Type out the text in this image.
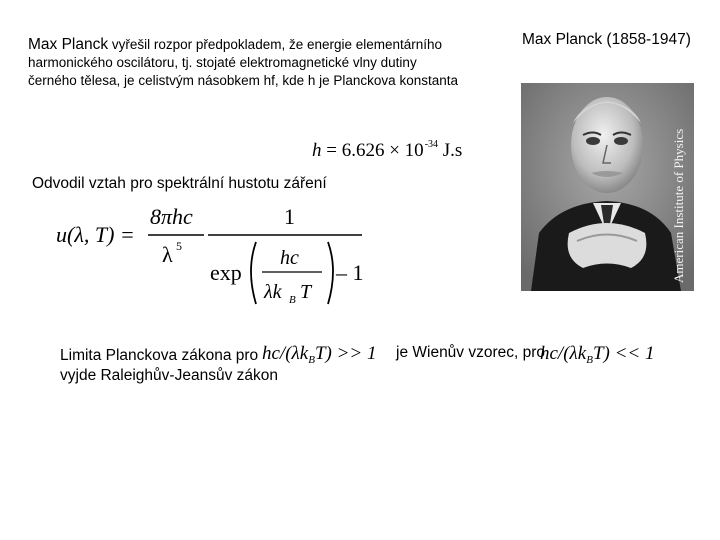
Max Planck vyřešil rozpor předpokladem, že energie elementárního harmonického oscilátoru, tj. stojaté elektromagnetické vlny dutiny černého tělesa, je celistvým násobkem hf, kde h je Planckova konstanta
Max Planck (1858-1947)
American Institute of Physics
$h = 6.626 \times 10^{-34}$ J.s
Odvodil vztah pro spektrální hustotu záření
u(λ, T) =
8πhc
λ 5
1
exp
hc
λk B T
– 1
Limita Planckova zákona pro
vyjde Raleighův-Jeansův zákon
$hc/(\lambda k_BT) >> 1$ je Wienův vzorec, pro
$hc/(\lambda k_BT) << 1$
